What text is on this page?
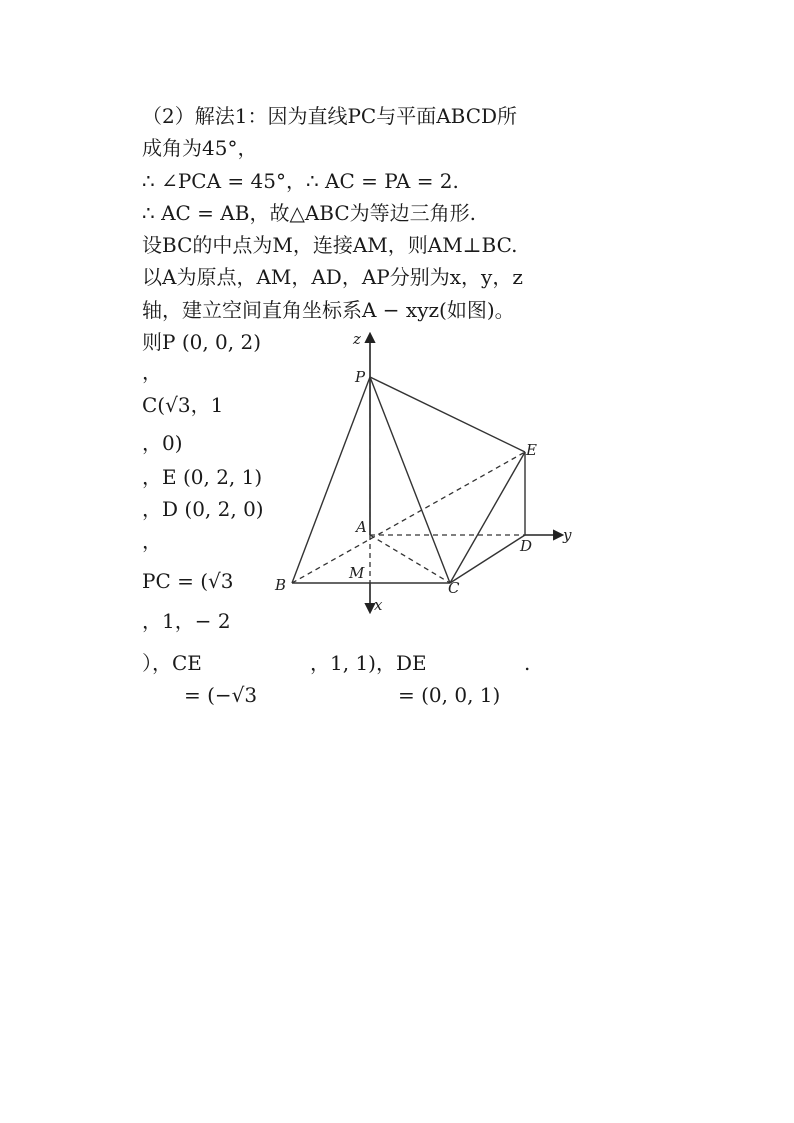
（2）解法1：因为直线PC与平面ABCD所
成角为45°，
∴ ∠PCA = 45°，∴ AC = PA = 2.
∴ AC = AB，故△ABC为等边三角形.
设BC的中点为M，连接AM，则AM⊥BC.
以A为原点，AM，AD，AP分别为x，y，z
轴，建立空间直角坐标系A − xyz(如图)。
则P (0, 0, 2)
，
C(√3，1
，0)
，E (0, 2, 1)
，D (0, 2, 0)
，
PC = (√3
，1，− 2
），CE	，1, 1)，DE
= (−√3	= (0, 0, 1)
.
z
P
E
A	y
D
M
B	C
x
